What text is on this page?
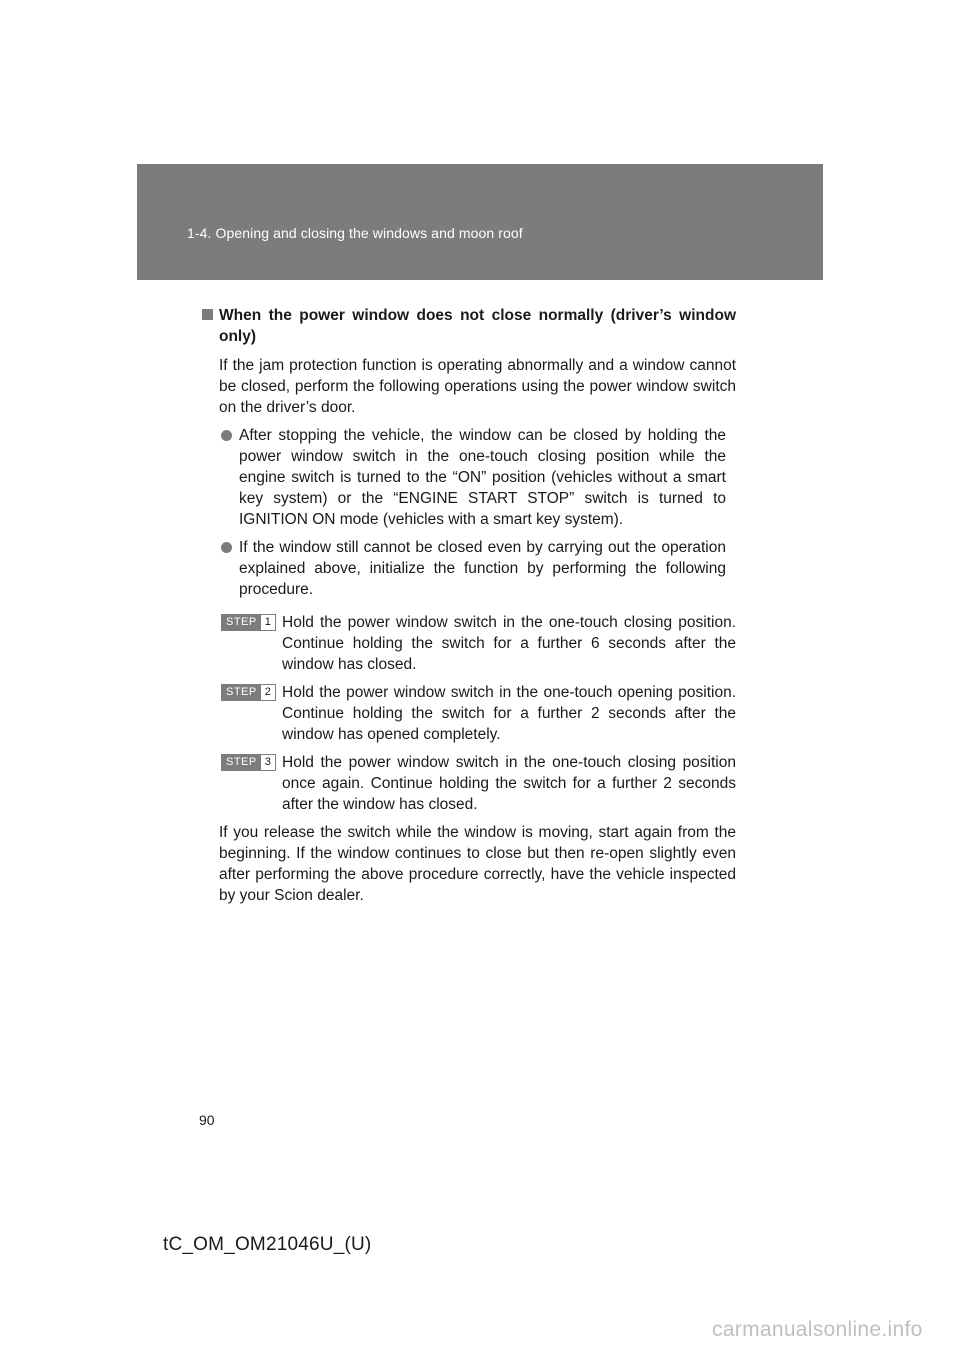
1-4. Opening and closing the windows and moon roof
When the power window does not close normally (driver’s window only)
If the jam protection function is operating abnormally and a window cannot be closed, perform the following operations using the power window switch on the driver’s door.
After stopping the vehicle, the window can be closed by holding the power window switch in the one-touch closing position while the engine switch is turned to the “ON” position (vehicles without a smart key system) or the “ENGINE START STOP” switch is turned to IGNITION ON mode (vehicles with a smart key system).
If the window still cannot be closed even by carrying out the operation explained above, initialize the function by performing the following procedure.
STEP 1 Hold the power window switch in the one-touch closing position. Continue holding the switch for a further 6 seconds after the window has closed.
STEP 2 Hold the power window switch in the one-touch opening position. Continue holding the switch for a further 2 seconds after the window has opened completely.
STEP 3 Hold the power window switch in the one-touch closing position once again. Continue holding the switch for a further 2 seconds after the window has closed.
If you release the switch while the window is moving, start again from the beginning. If the window continues to close but then re-open slightly even after performing the above procedure correctly, have the vehicle inspected by your Scion dealer.
90
tC_OM_OM21046U_(U)
carmanualsonline.info
